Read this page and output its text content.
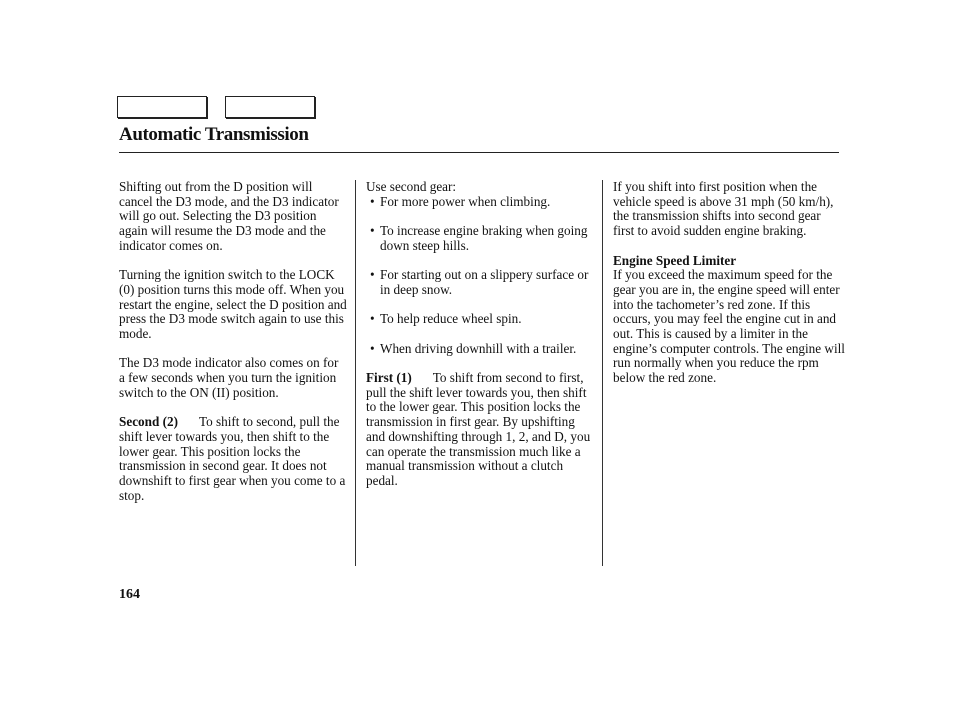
Automatic Transmission

Shifting out from the D position will cancel the D3 mode, and the D3 indicator will go out. Selecting the D3 position again will resume the D3 mode and the indicator comes on.

Turning the ignition switch to the LOCK (0) position turns this mode off. When you restart the engine, select the D position and press the D3 mode switch again to use this mode.

The D3 mode indicator also comes on for a few seconds when you turn the ignition switch to the ON (II) position.

Second (2) To shift to second, pull the shift lever towards you, then shift to the lower gear. This position locks the transmission in second gear. It does not downshift to first gear when you come to a stop.

Use second gear:

• For more power when climbing.
• To increase engine braking when going down steep hills.
• For starting out on a slippery surface or in deep snow.
• To help reduce wheel spin.
• When driving downhill with a trailer.

First (1) To shift from second to first, pull the shift lever towards you, then shift to the lower gear. This position locks the transmission in first gear. By upshifting and downshifting through 1, 2, and D, you can operate the transmission much like a manual transmission without a clutch pedal.

If you shift into first position when the vehicle speed is above 31 mph (50 km/h), the transmission shifts into second gear first to avoid sudden engine braking.

Engine Speed Limiter

If you exceed the maximum speed for the gear you are in, the engine speed will enter into the tachometer’s red zone. If this occurs, you may feel the engine cut in and out. This is caused by a limiter in the engine’s computer controls. The engine will run normally when you reduce the rpm below the red zone.

164
